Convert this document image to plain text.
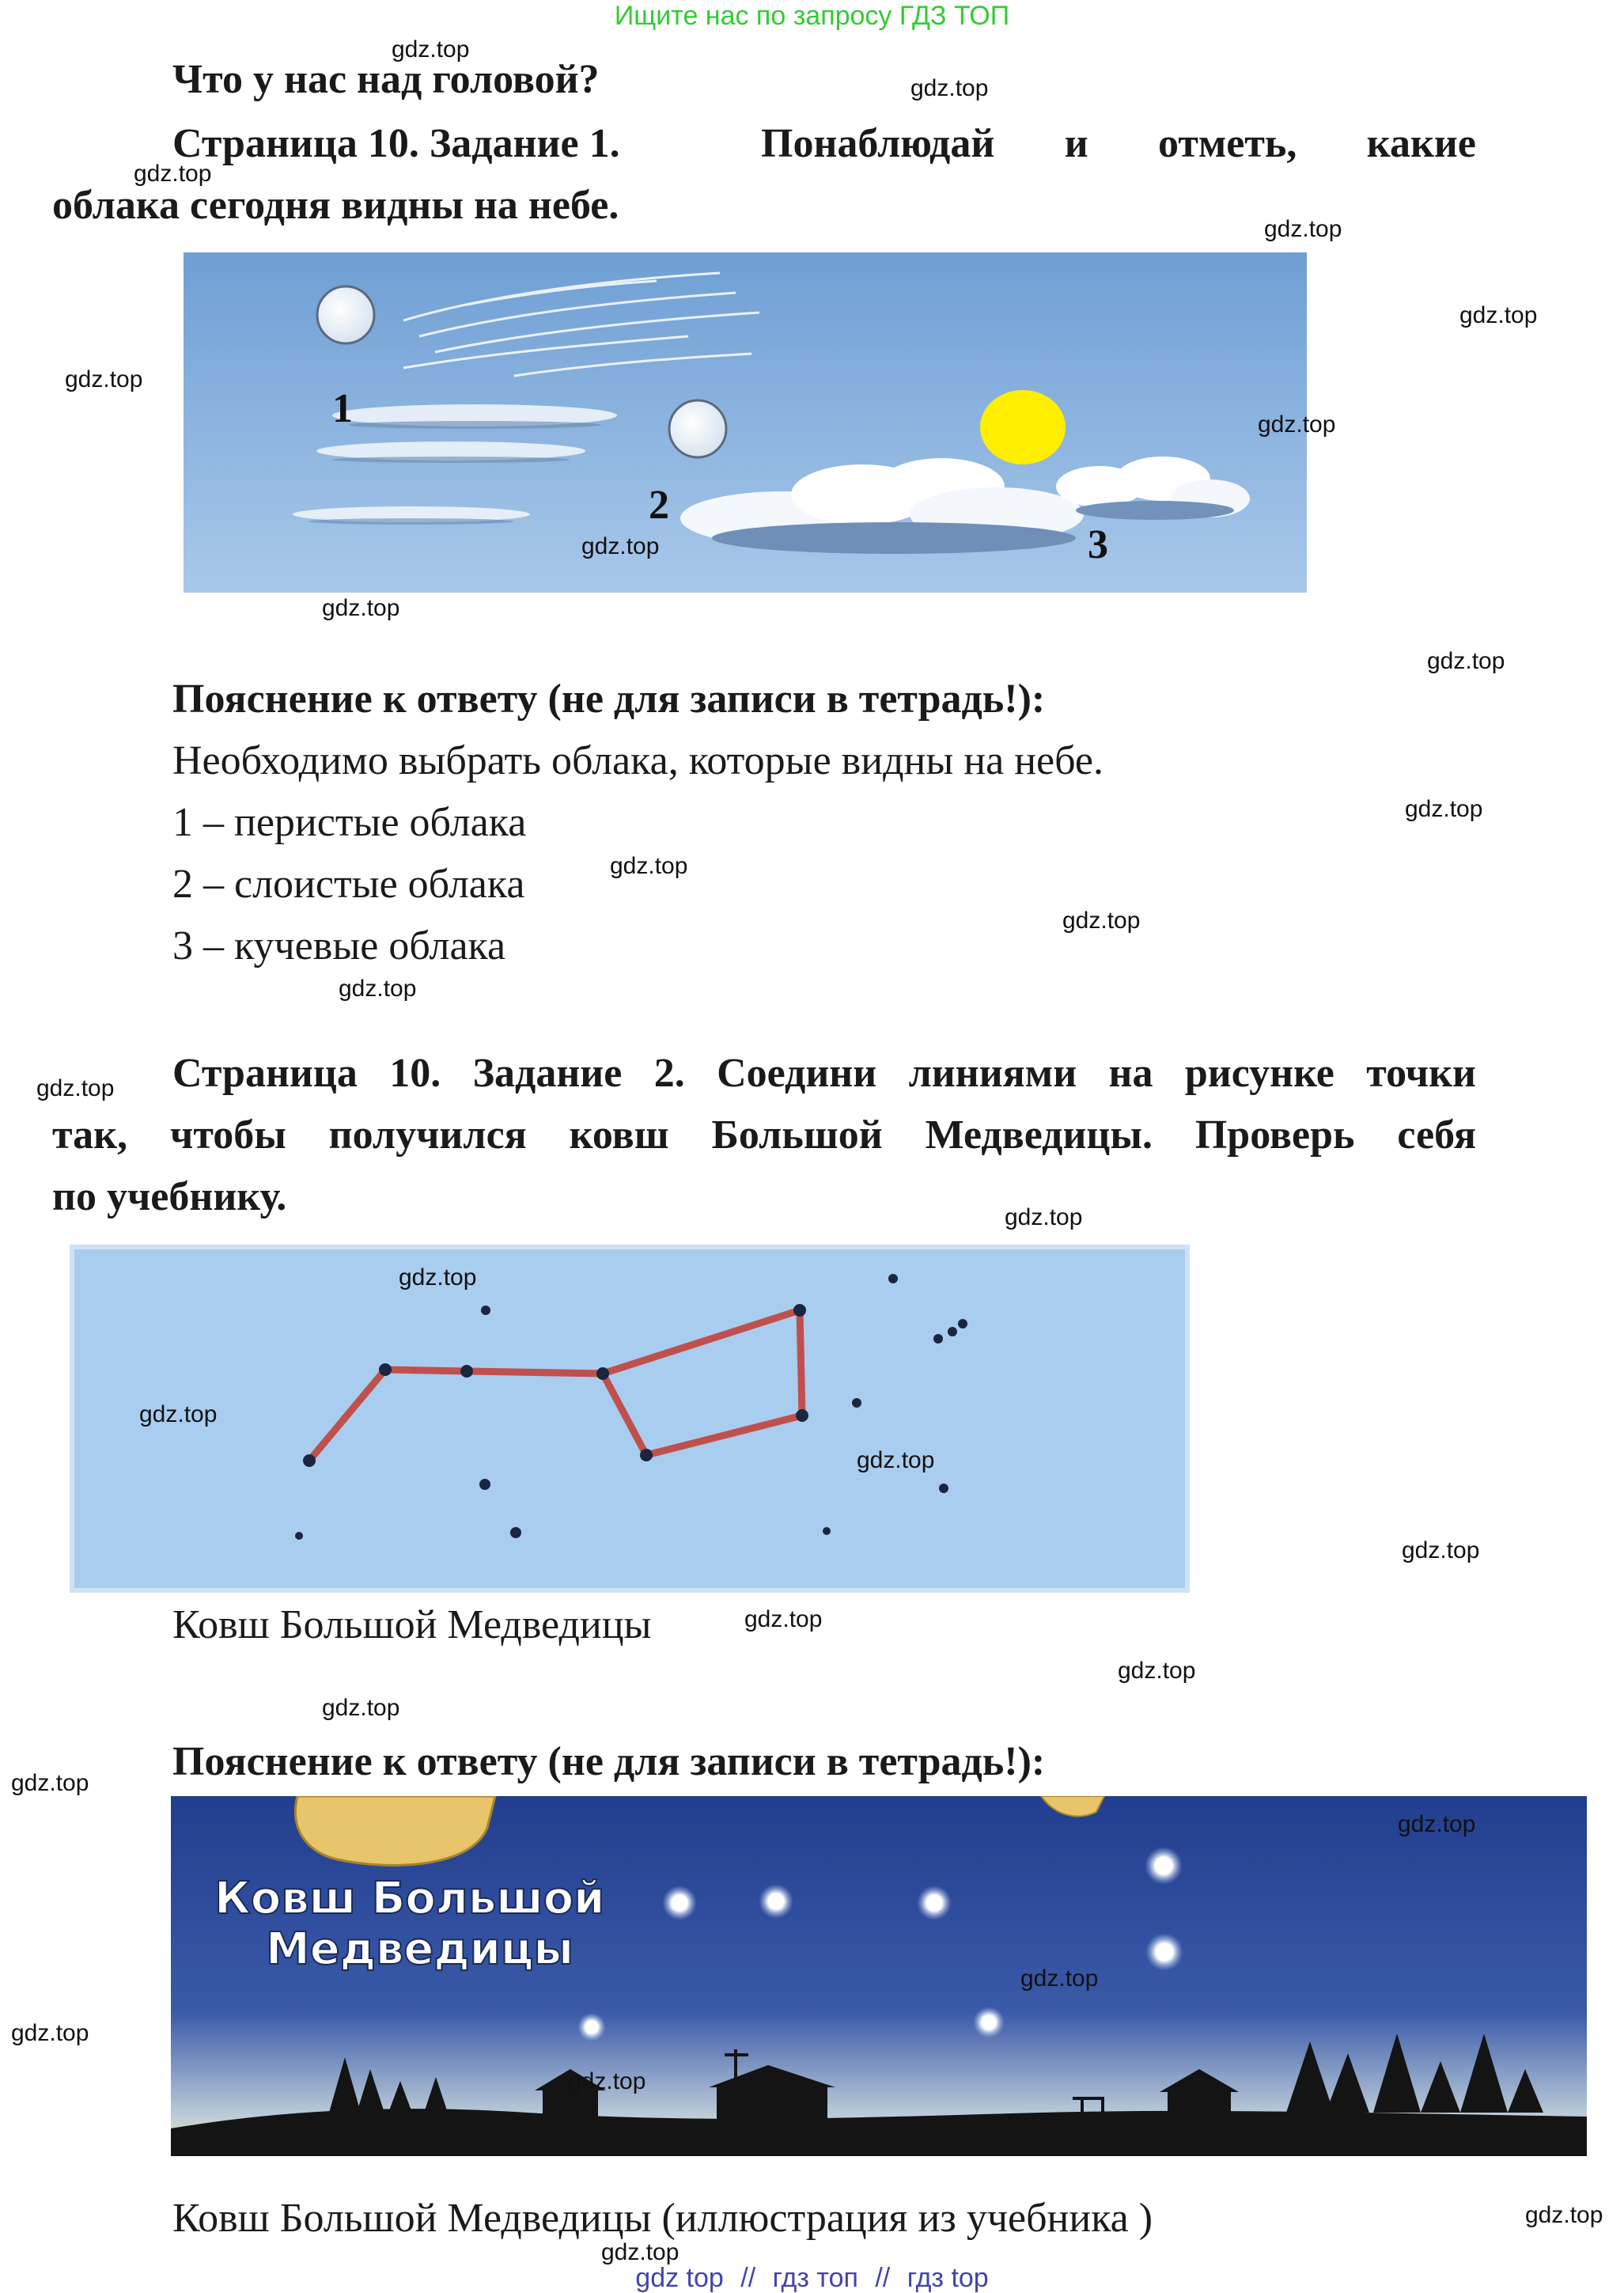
Ищите нас по запросу ГДЗ ТОП
Что у нас над головой?
Страница 10. Задание 1.	Понаблюдай и отметь, какие
облака сегодня видны на небе.
1
2
3
Пояснение к ответу (не для записи в тетрадь!):
Необходимо выбрать облака, которые видны на небе.
1 – перистые облака
2 – слоистые облака
3 – кучевые облака
Страница 10. Задание 2. Соедини линиями на рисунке точки
так, чтобы получился ковш Большой Медведицы. Проверь себя
по учебнику.
Ковш Большой Медведицы
Пояснение к ответу (не для записи в тетрадь!):
Ковш Большой
Медведицы
Ковш Большой Медведицы (иллюстрация из учебника )
gdz.top
gdz.top
gdz.top
gdz.top
gdz.top
gdz.top
gdz.top
gdz.top
gdz.top
gdz.top
gdz.top
gdz.top
gdz.top
gdz.top
gdz.top
gdz.top
gdz.top
gdz.top
gdz.top
gdz.top
gdz.top
gdz.top
gdz.top
gdz.top
gdz.top
gdz.top
gdz.top
gdz.top
gdz.top
gdz.top
gdz top // гдз топ // гдз top
